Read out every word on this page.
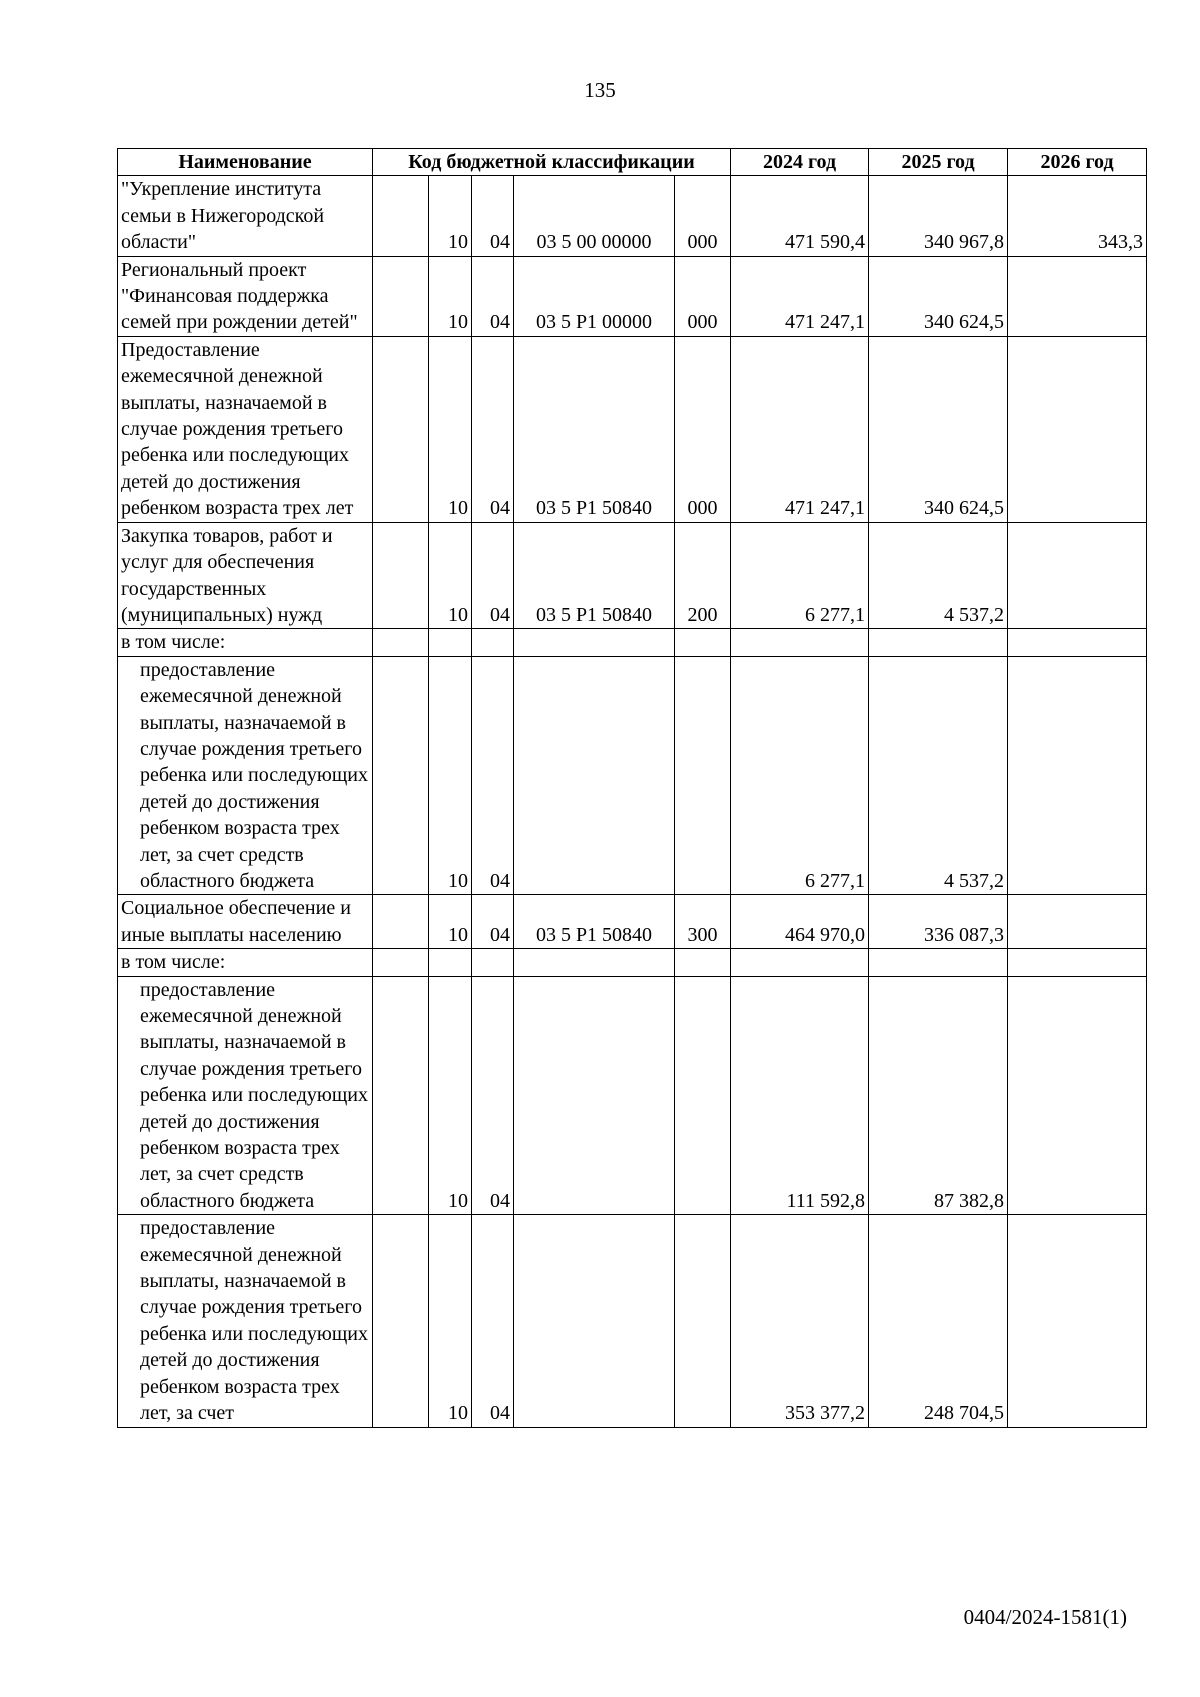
135
Наименование	Код бюджетной классификации					2024 год	2025 год	2026 год
"Укрепление института семьи в Нижегородской области"		10	04	03 5 00 00000	000	471 590,4	340 967,8	343,3
Региональный проект "Финансовая поддержка семей при рождении детей"		10	04	03 5 P1 00000	000	471 247,1	340 624,5	
Предоставление ежемесячной денежной выплаты, назначаемой в случае рождения третьего ребенка или последующих детей до достижения ребенком возраста трех лет		10	04	03 5 P1 50840	000	471 247,1	340 624,5	
Закупка товаров, работ и услуг для обеспечения государственных (муниципальных) нужд		10	04	03 5 P1 50840	200	6 277,1	4 537,2	
в том числе:								
предоставление ежемесячной денежной выплаты, назначаемой в случае рождения третьего ребенка или последующих детей до достижения ребенком возраста трех лет, за счет средств областного бюджета		10	04			6 277,1	4 537,2	
Социальное обеспечение и иные выплаты населению		10	04	03 5 P1 50840	300	464 970,0	336 087,3	
в том числе:								
предоставление ежемесячной денежной выплаты, назначаемой в случае рождения третьего ребенка или последующих детей до достижения ребенком возраста трех лет, за счет средств областного бюджета		10	04			111 592,8	87 382,8	
предоставление ежемесячной денежной выплаты, назначаемой в случае рождения третьего ребенка или последующих детей до достижения ребенком возраста трех лет, за счет		10	04			353 377,2	248 704,5	
0404/2024-1581(1)
